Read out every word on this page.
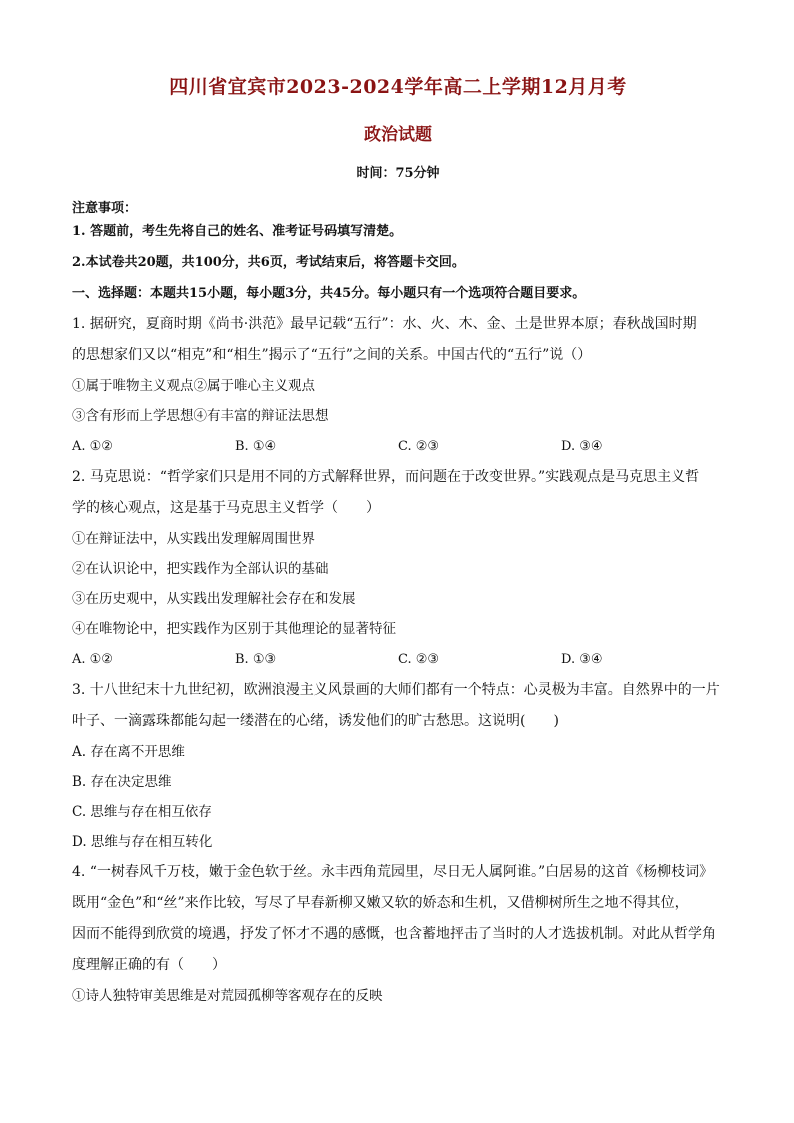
四川省宜宾市2023-2024学年高二上学期12月月考
政治试题
时间：75分钟
注意事项：
1. 答题前，考生先将自己的姓名、准考证号码填写清楚。
2.本试卷共20题，共100分，共6页，考试结束后，将答题卡交回。
一、选择题：本题共15小题，每小题3分，共45分。每小题只有一个选项符合题目要求。

1. 据研究，夏商时期《尚书·洪范》最早记载“五行”：水、火、木、金、土是世界本原；春秋战国时期

的思想家们又以“相克”和“相生”揭示了“五行”之间的关系。中国古代的“五行”说（）

①属于唯物主义观点②属于唯心主义观点

③含有形而上学思想④有丰富的辩证法思想

A. ①②	B. ①④	C. ②③	D. ③④

2. 马克思说：“哲学家们只是用不同的方式解释世界，而问题在于改变世界。”实践观点是马克思主义哲

学的核心观点，这是基于马克思主义哲学（　　）

①在辩证法中，从实践出发理解周围世界

②在认识论中，把实践作为全部认识的基础

③在历史观中，从实践出发理解社会存在和发展

④在唯物论中，把实践作为区别于其他理论的显著特征

A. ①②	B. ①③	C. ②③	D. ③④

3. 十八世纪末十九世纪初，欧洲浪漫主义风景画的大师们都有一个特点：心灵极为丰富。自然界中的一片

叶子、一滴露珠都能勾起一缕潜在的心绪，诱发他们的旷古愁思。这说明(　　)

A. 存在离不开思维

B. 存在决定思维

C. 思维与存在相互依存

D. 思维与存在相互转化

4. “一树春风千万枝，嫩于金色软于丝。永丰西角荒园里，尽日无人属阿谁。”白居易的这首《杨柳枝词》

既用“金色”和“丝”来作比较，写尽了早春新柳又嫩又软的娇态和生机，又借柳树所生之地不得其位，

因而不能得到欣赏的境遇，抒发了怀才不遇的感慨，也含蓄地抨击了当时的人才选拔机制。对此从哲学角

度理解正确的有（　　）

①诗人独特审美思维是对荒园孤柳等客观存在的反映
